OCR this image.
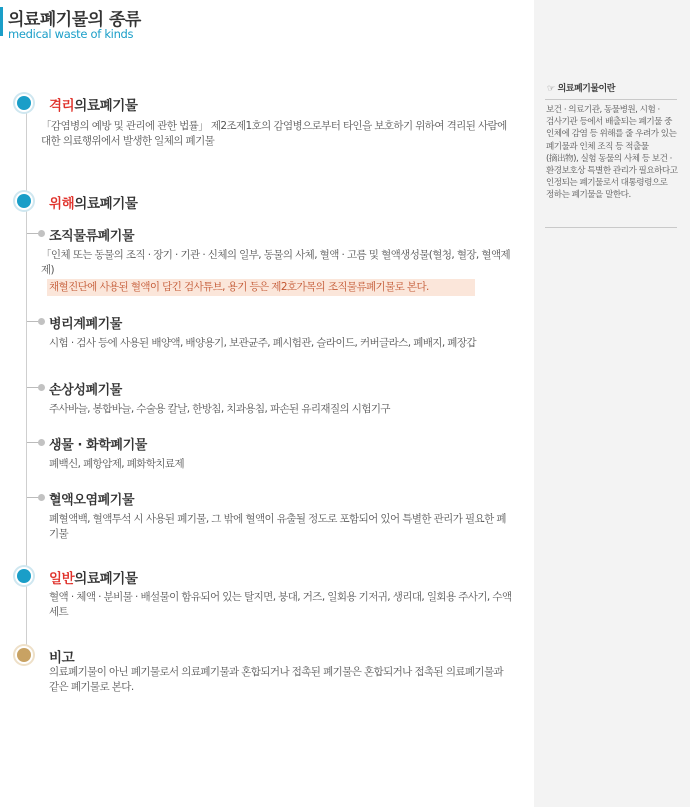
의료폐기물의 종류
medical waste of kinds
격리의료폐기물
「감염병의 예방 및 관리에 관한 법률」 제2조제1호의 감염병으로부터 타인을 보호하기 위하여 격리된 사람에 대한 의료행위에서 발생한 일체의 폐기물
위해의료폐기물
조직물류폐기물
「인체 또는 동물의 조직 · 장기 · 기관 · 신체의 일부, 동물의 사체, 혈액 · 고름 및 혈액생성물(혈청, 혈장, 혈액제제)
채혈진단에 사용된 혈액이 담긴 검사튜브, 용기 등은 제2호가목의 조직물류폐기물로 본다.
병리계폐기물
시험 · 검사 등에 사용된 배양액, 배양용기, 보관균주, 폐시험관, 슬라이드, 커버글라스, 폐배지, 폐장갑
손상성폐기물
주사바늘, 봉합바늘, 수술용 칼날, 한방침, 치과용침, 파손된 유리재질의 시험기구
생물 · 화학폐기물
폐백신, 폐항암제, 폐화학치료제
혈액오염폐기물
폐혈액백, 혈액투석 시 사용된 폐기물, 그 밖에 혈액이 유출될 정도로 포함되어 있어 특별한 관리가 필요한 폐기물
일반의료폐기물
혈액 · 체액 · 분비물 · 배설물이 함유되어 있는 탈지면, 붕대, 거즈, 일회용 기저귀, 생리대, 일회용 주사기, 수액세트
비고
의료폐기물이 아닌 폐기물로서 의료폐기물과 혼합되거나 접촉된 폐기물은 혼합되거나 접촉된 의료폐기물과 같은 폐기물로 본다.
☞ 의료폐기물이란
보건 · 의료기관, 동물병원, 시험 · 검사기관 등에서 배출되는 폐기물 중 인체에 감염 등 위해를 줄 우려가 있는 폐기물과 인체 조직 등 적출물(摘出物), 실험 동물의 사체 등 보건 · 환경보호상 특별한 관리가 필요하다고 인정되는 폐기물로서 대통령령으로 정하는 폐기물을 말한다.
